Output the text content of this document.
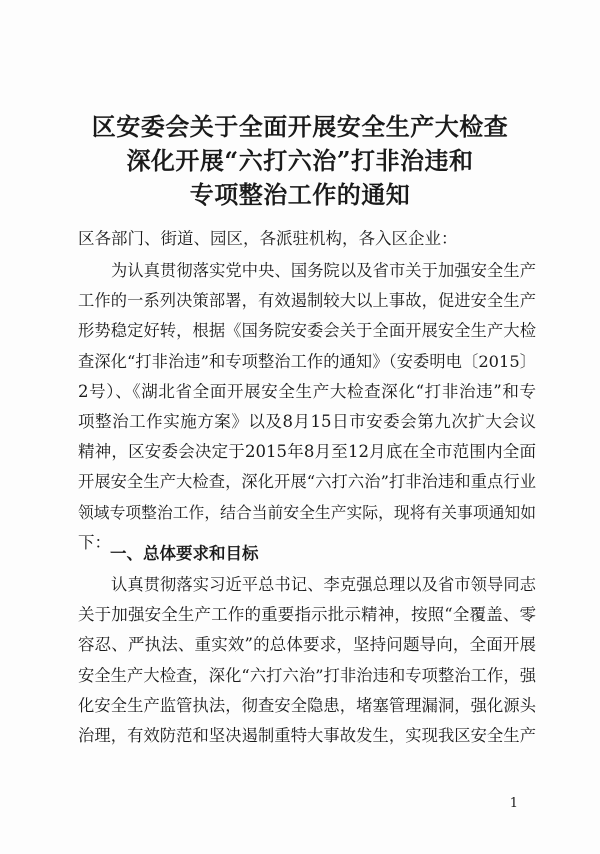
区安委会关于全面开展安全生产大检查
深化开展“六打六治”打非治违和
专项整治工作的通知
区各部门、街道、园区，各派驻机构，各入区企业：
为认真贯彻落实党中央、国务院以及省市关于加强安全生产
工作的一系列决策部署，有效遏制较大以上事故，促进安全生产
形势稳定好转，根据《国务院安委会关于全面开展安全生产大检
查深化“打非治违”和专项整治工作的通知》（安委明电〔2015〕
2号）、《湖北省全面开展安全生产大检查深化“打非治违”和专
项整治工作实施方案》以及8月15日市安委会第九次扩大会议
精神，区安委会决定于2015年8月至12月底在全市范围内全面
开展安全生产大检查，深化开展“六打六治”打非治违和重点行业
领域专项整治工作，结合当前安全生产实际，现将有关事项通知如
下：
一、总体要求和目标
认真贯彻落实习近平总书记、李克强总理以及省市领导同志
关于加强安全生产工作的重要指示批示精神，按照“全覆盖、零
容忍、严执法、重实效”的总体要求，坚持问题导向，全面开展
安全生产大检查，深化“六打六治”打非治违和专项整治工作，强
化安全生产监管执法，彻查安全隐患，堵塞管理漏洞，强化源头
治理，有效防范和坚决遏制重特大事故发生，实现我区安全生产
1
